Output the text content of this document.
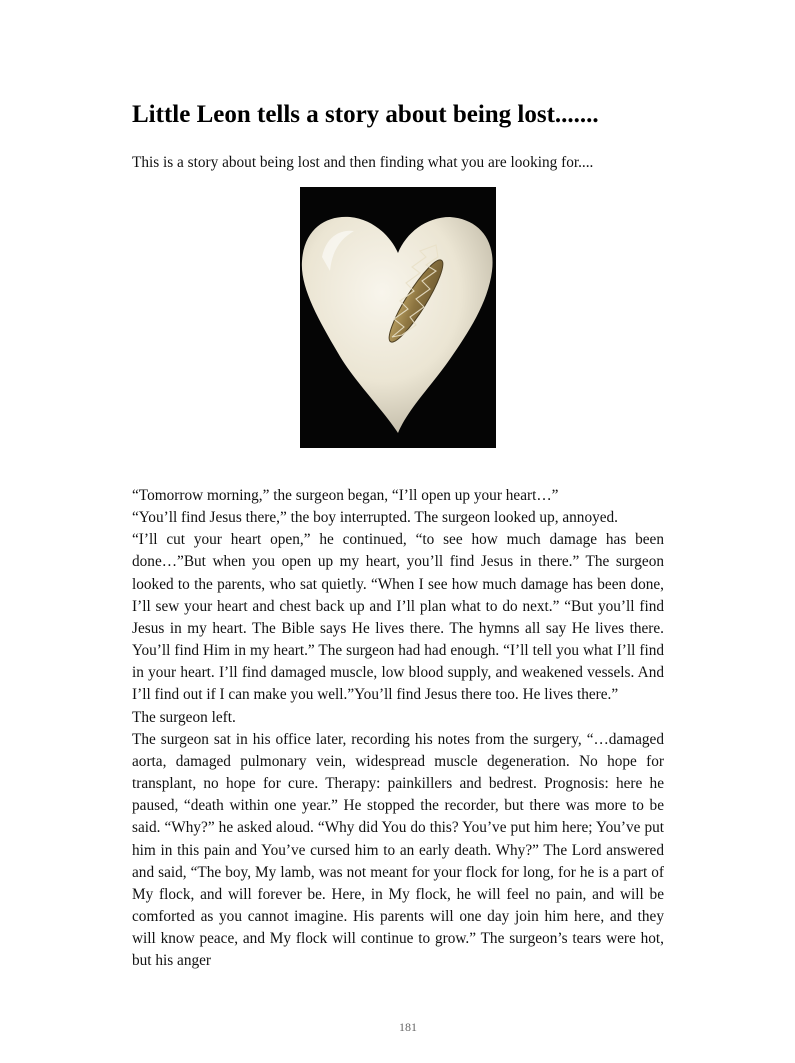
Little Leon tells a story about being lost.......

This is a story about being lost and then finding what you are looking for....

“Tomorrow morning,” the surgeon began, “I’ll open up your heart…”

“You’ll find Jesus there,” the boy interrupted. The surgeon looked up, annoyed.

“I’ll cut your heart open,” he continued, “to see how much damage has been done…”But when you open up my heart, you’ll find Jesus in there.” The surgeon looked to the parents, who sat quietly. “When I see how much damage has been done, I’ll sew your heart and chest back up and I’ll plan what to do next.” “But you’ll find Jesus in my heart. The Bible says He lives there. The hymns all say He lives there. You’ll find Him in my heart.” The surgeon had had enough. “I’ll tell you what I’ll find in your heart. I’ll find damaged muscle, low blood supply, and weakened vessels. And I’ll find out if I can make you well.”You’ll find Jesus there too. He lives there.”

The surgeon left.

The surgeon sat in his office later, recording his notes from the surgery, “…damaged aorta, damaged pulmonary vein, widespread muscle degeneration. No hope for transplant, no hope for cure. Therapy: painkillers and bedrest. Prognosis: here he paused, “death within one year.” He stopped the recorder, but there was more to be said. “Why?” he asked aloud. “Why did You do this? You’ve put him here; You’ve put him in this pain and You’ve cursed him to an early death. Why?” The Lord answered and said, “The boy, My lamb, was not meant for your flock for long, for he is a part of My flock, and will forever be. Here, in My flock, he will feel no pain, and will be comforted as you cannot imagine. His parents will one day join him here, and they will know peace, and My flock will continue to grow.” The surgeon’s tears were hot, but his anger

181
